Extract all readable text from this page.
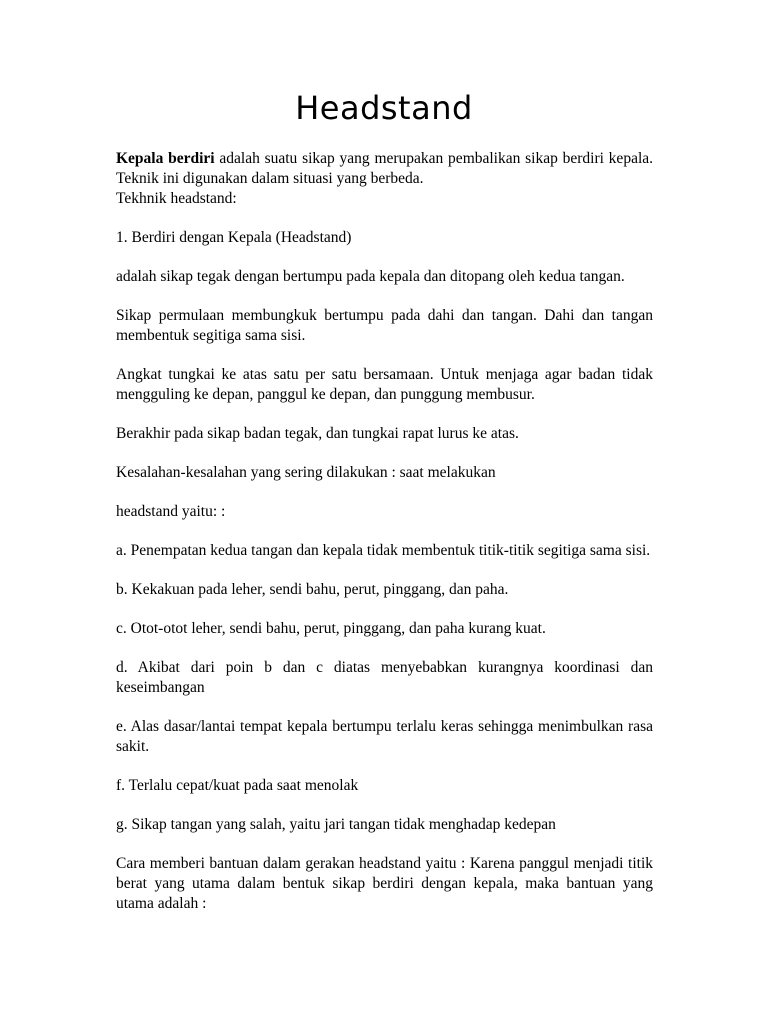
Headstand

Kepala berdiri adalah suatu sikap yang merupakan pembalikan sikap berdiri kepala. Teknik ini digunakan dalam situasi yang berbeda.

Tekhnik headstand:

1. Berdiri dengan Kepala (Headstand)

adalah sikap tegak dengan bertumpu pada kepala dan ditopang oleh kedua tangan.

Sikap permulaan membungkuk bertumpu pada dahi dan tangan. Dahi dan tangan membentuk segitiga sama sisi.

Angkat tungkai ke atas satu per satu bersamaan. Untuk menjaga agar badan tidak mengguling ke depan, panggul ke depan, dan punggung membusur.

Berakhir pada sikap badan tegak, dan tungkai rapat lurus ke atas.

Kesalahan-kesalahan yang sering dilakukan : saat melakukan

headstand yaitu: :

a. Penempatan kedua tangan dan kepala tidak membentuk titik-titik segitiga sama sisi.

b. Kekakuan pada leher, sendi bahu, perut, pinggang, dan paha.

c. Otot-otot leher, sendi bahu, perut, pinggang, dan paha kurang kuat.

d. Akibat dari poin b dan c diatas menyebabkan kurangnya koordinasi dan keseimbangan

e. Alas dasar/lantai tempat kepala bertumpu terlalu keras sehingga menimbulkan rasa sakit.

f. Terlalu cepat/kuat pada saat menolak

g. Sikap tangan yang salah, yaitu jari tangan tidak menghadap kedepan

Cara memberi bantuan dalam gerakan headstand yaitu : Karena panggul menjadi titik berat yang utama dalam bentuk sikap berdiri dengan kepala, maka bantuan yang utama adalah :
